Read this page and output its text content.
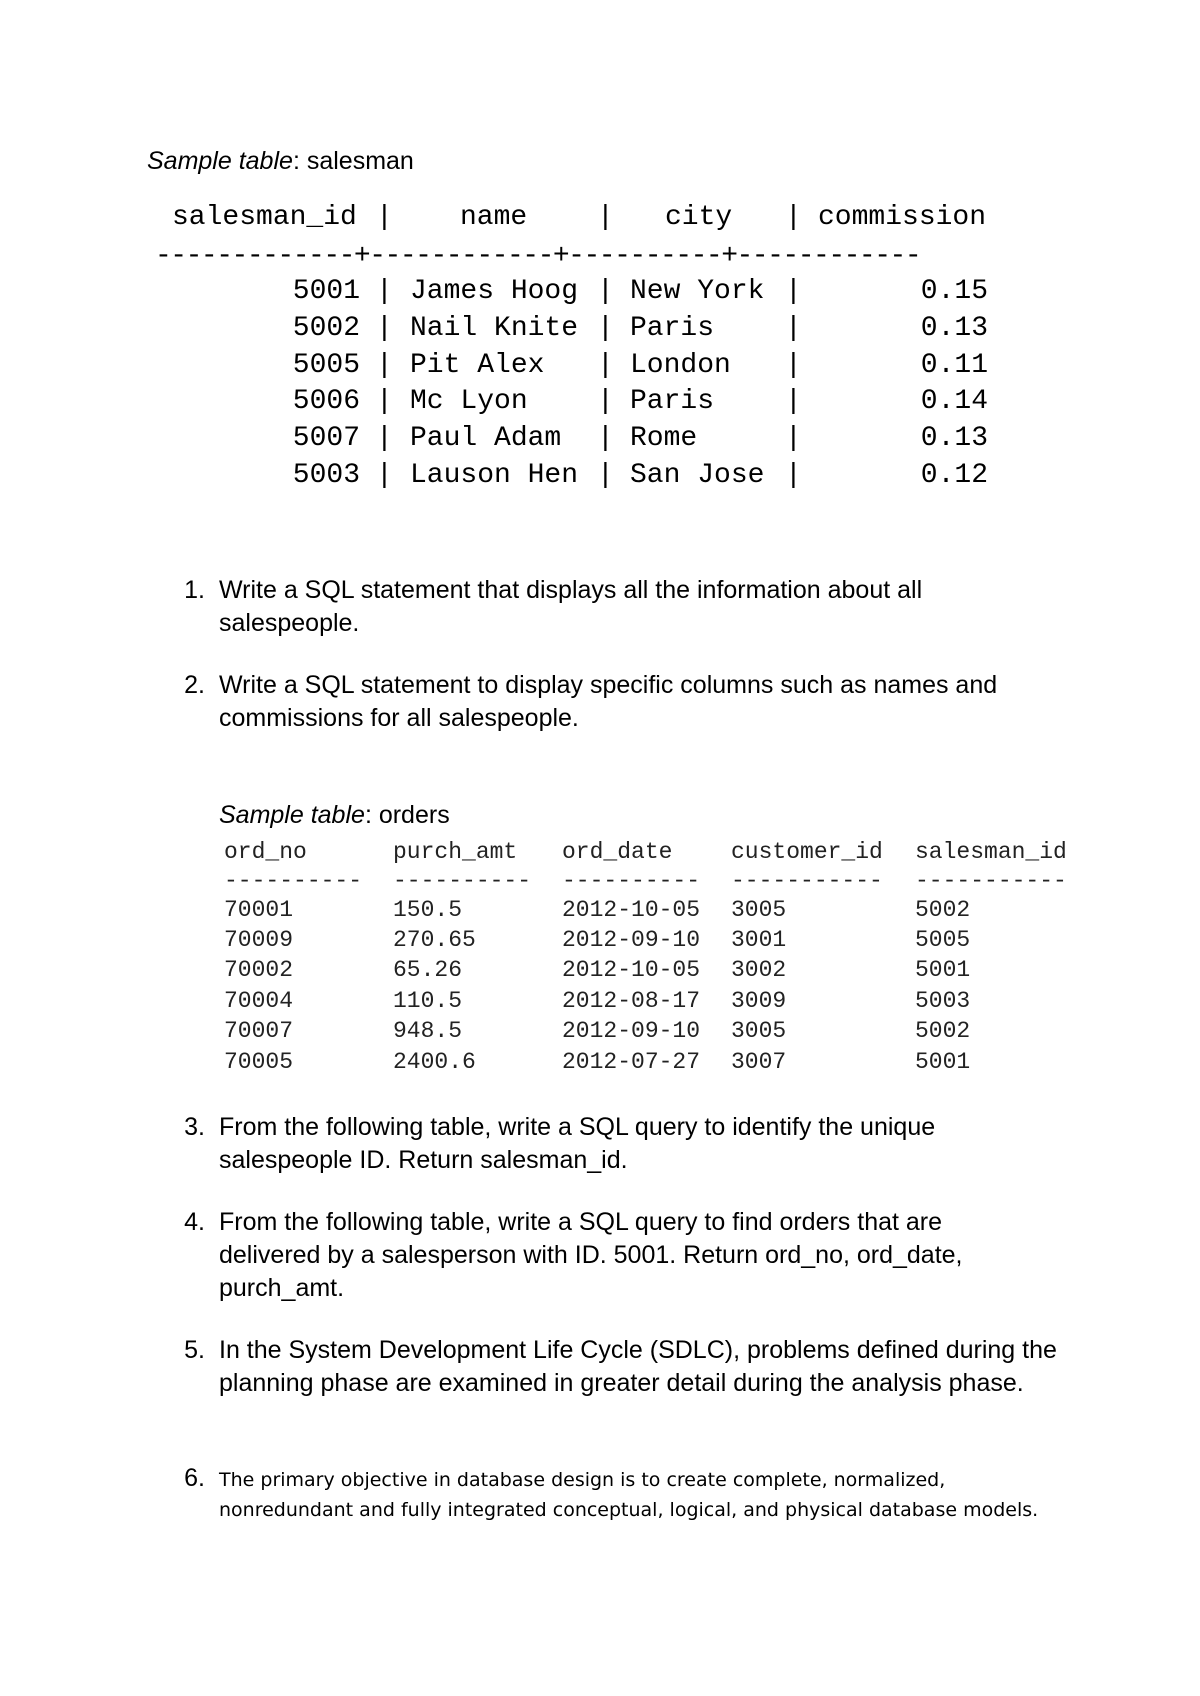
Sample table: salesman
salesman_id | name | city | commission
-------------+------------+----------+------------
5001 | James Hoog | New York |	0.15
5002 | Nail Knite | Paris	|	0.13
5005 | Pit Alex | London |	0.11
5006 | Mc Lyon | Paris	|	0.14
5007 | Paul Adam | Rome	|	0.13
5003 | Lauson Hen | San Jose |	0.12
1. Write a SQL statement that displays all the information about all salespeople.
2. Write a SQL statement to display specific columns such as names and commissions for all salespeople.
Sample table: orders
ord_no	purch_amt ord_date	customer_id salesman_id
---------- ---------- ---------- ----------- -----------
70001	150.5	2012-10-05 3005	5002
70009	270.65	2012-09-10 3001	5005
70002	65.26	2012-10-05 3002	5001
70004	110.5	2012-08-17 3009	5003
70007	948.5	2012-09-10 3005	5002
70005	2400.6	2012-07-27 3007	5001
3. From the following table, write a SQL query to identify the unique salespeople ID. Return salesman_id.
4. From the following table, write a SQL query to find orders that are delivered by a salesperson with ID. 5001. Return ord_no, ord_date, purch_amt.
5. In the System Development Life Cycle (SDLC), problems defined during the planning phase are examined in greater detail during the analysis phase.
6. The primary objective in database design is to create complete, normalized, nonredundant and fully integrated conceptual, logical, and physical database models.
